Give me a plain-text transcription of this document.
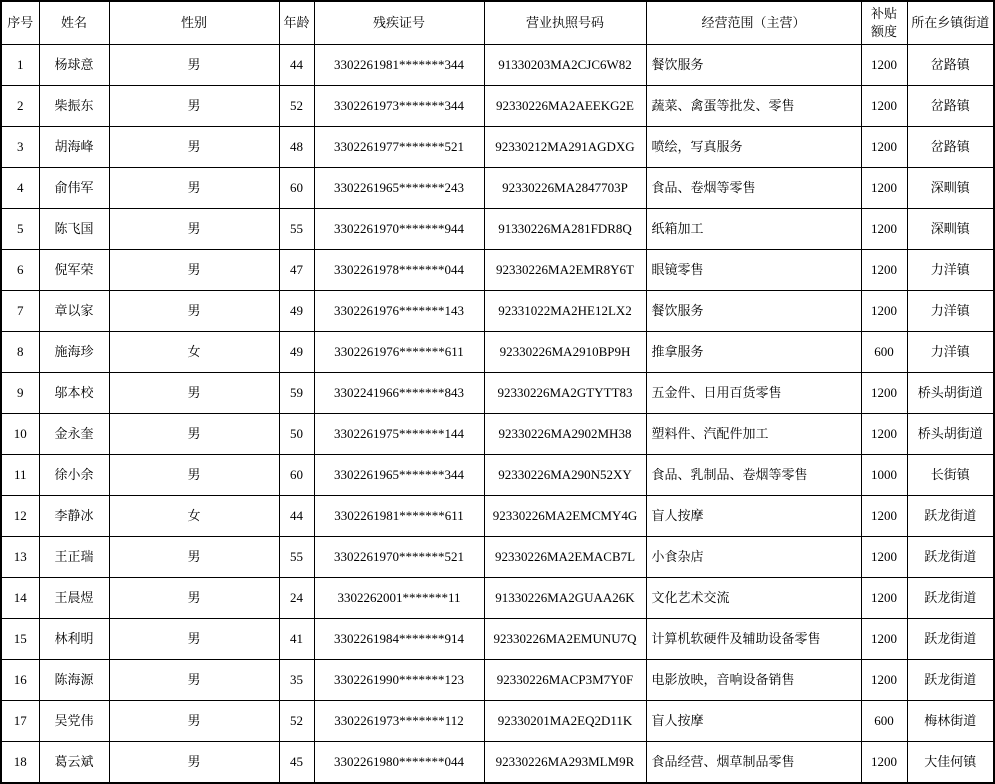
序号	姓名	性别	年龄	残疾证号	营业执照号码	经营范围（主营）	补贴额度	所在乡镇街道
1	杨球意	男	44	3302261981*******344	91330203MA2CJC6W82	餐饮服务	1200	岔路镇
2	柴振东	男	52	3302261973*******344	92330226MA2AEEKG2E	蔬菜、禽蛋等批发、零售	1200	岔路镇
3	胡海峰	男	48	3302261977*******521	92330212MA291AGDXG	喷绘，写真服务	1200	岔路镇
4	俞伟军	男	60	3302261965*******243	92330226MA2847703P	食品、卷烟等零售	1200	深甽镇
5	陈飞国	男	55	3302261970*******944	91330226MA281FDR8Q	纸箱加工	1200	深甽镇
6	倪军荣	男	47	3302261978*******044	92330226MA2EMR8Y6T	眼镜零售	1200	力洋镇
7	章以家	男	49	3302261976*******143	92331022MA2HE12LX2	餐饮服务	1200	力洋镇
8	施海珍	女	49	3302261976*******611	92330226MA2910BP9H	推拿服务	600	力洋镇
9	邬本校	男	59	3302241966*******843	92330226MA2GTYTT83	五金件、日用百货零售	1200	桥头胡街道
10	金永奎	男	50	3302261975*******144	92330226MA2902MH38	塑料件、汽配件加工	1200	桥头胡街道
11	徐小余	男	60	3302261965*******344	92330226MA290N52XY	食品、乳制品、卷烟等零售	1000	长街镇
12	李静冰	女	44	3302261981*******611	92330226MA2EMCMY4G	盲人按摩	1200	跃龙街道
13	王正瑞	男	55	3302261970*******521	92330226MA2EMACB7L	小食杂店	1200	跃龙街道
14	王晨煜	男	24	3302262001*******11	91330226MA2GUAA26K	文化艺术交流	1200	跃龙街道
15	林利明	男	41	3302261984*******914	92330226MA2EMUNU7Q	计算机软硬件及辅助设备零售	1200	跃龙街道
16	陈海源	男	35	3302261990*******123	92330226MACP3M7Y0F	电影放映，音响设备销售	1200	跃龙街道
17	吴党伟	男	52	3302261973*******112	92330201MA2EQ2D11K	盲人按摩	600	梅林街道
18	葛云斌	男	45	3302261980*******044	92330226MA293MLM9R	食品经营、烟草制品零售	1200	大佳何镇
